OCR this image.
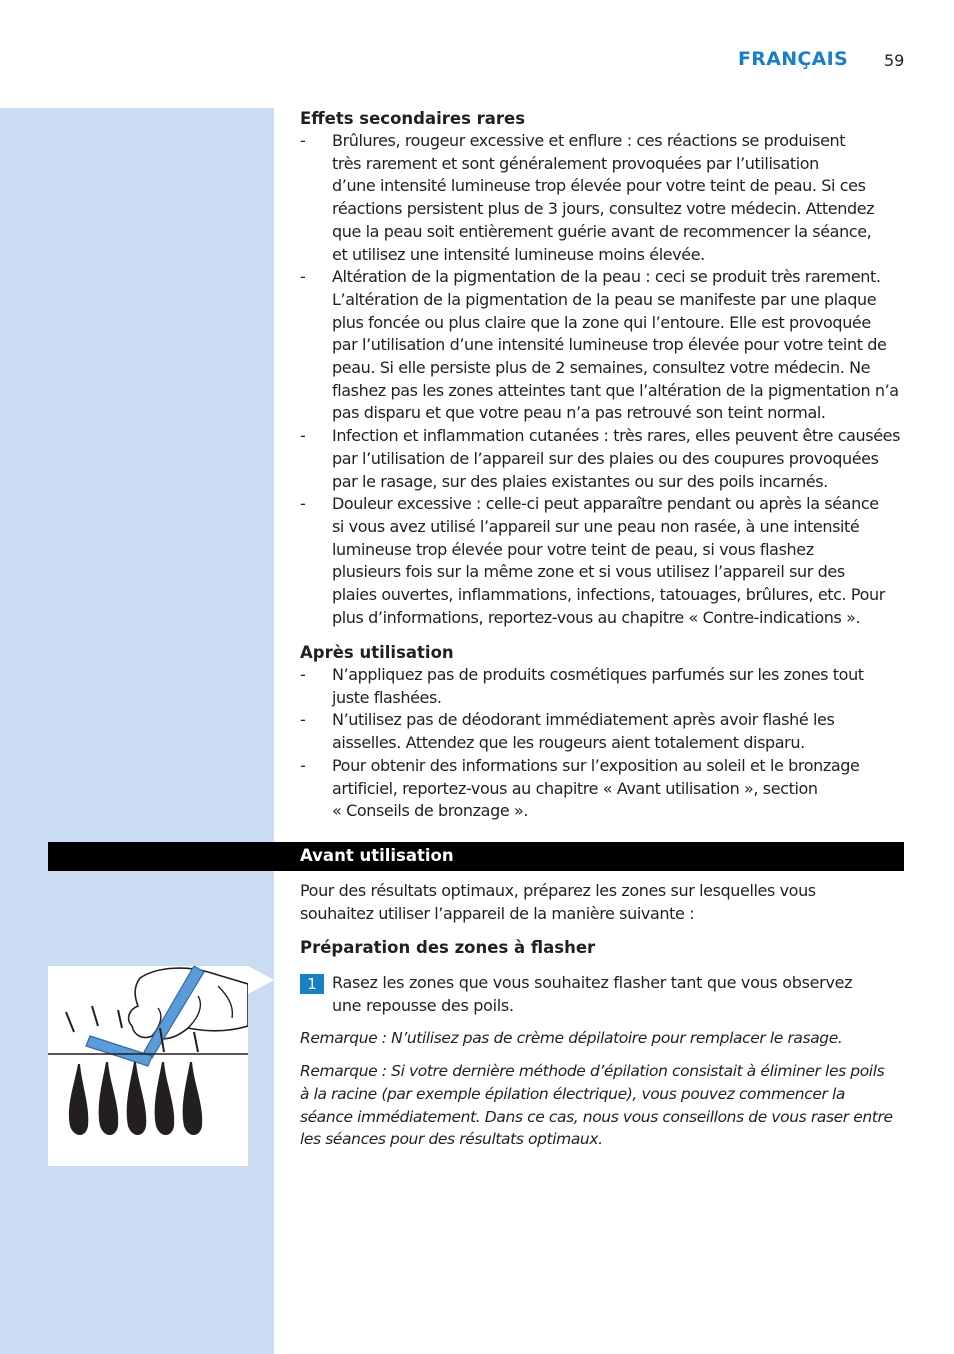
FRANÇAIS 59
Effets secondaires rares
- Brûlures, rougeur excessive et enflure : ces réactions se produisent
très rarement et sont généralement provoquées par l’utilisation
d’une intensité lumineuse trop élevée pour votre teint de peau. Si ces
réactions persistent plus de 3 jours, consultez votre médecin. Attendez
que la peau soit entièrement guérie avant de recommencer la séance,
et utilisez une intensité lumineuse moins élevée.
- Altération de la pigmentation de la peau : ceci se produit très rarement.
L’altération de la pigmentation de la peau se manifeste par une plaque
plus foncée ou plus claire que la zone qui l’entoure. Elle est provoquée
par l’utilisation d’une intensité lumineuse trop élevée pour votre teint de
peau. Si elle persiste plus de 2 semaines, consultez votre médecin. Ne
flashez pas les zones atteintes tant que l’altération de la pigmentation n’a
pas disparu et que votre peau n’a pas retrouvé son teint normal.
- Infection et inflammation cutanées : très rares, elles peuvent être causées
par l’utilisation de l’appareil sur des plaies ou des coupures provoquées
par le rasage, sur des plaies existantes ou sur des poils incarnés.
- Douleur excessive : celle-ci peut apparaître pendant ou après la séance
si vous avez utilisé l’appareil sur une peau non rasée, à une intensité
lumineuse trop élevée pour votre teint de peau, si vous flashez
plusieurs fois sur la même zone et si vous utilisez l’appareil sur des
plaies ouvertes, inflammations, infections, tatouages, brûlures, etc. Pour
plus d’informations, reportez-vous au chapitre « Contre-indications ».
Après utilisation
- N’appliquez pas de produits cosmétiques parfumés sur les zones tout
juste flashées.
- N’utilisez pas de déodorant immédiatement après avoir flashé les
aisselles. Attendez que les rougeurs aient totalement disparu.
- Pour obtenir des informations sur l’exposition au soleil et le bronzage
artificiel, reportez-vous au chapitre « Avant utilisation », section
« Conseils de bronzage ».
Avant utilisation
Pour des résultats optimaux, préparez les zones sur lesquelles vous
souhaitez utiliser l’appareil de la manière suivante :
Préparation des zones à flasher
1 Rasez les zones que vous souhaitez flasher tant que vous observez
une repousse des poils.
Remarque : N’utilisez pas de crème dépilatoire pour remplacer le rasage.
Remarque : Si votre dernière méthode d’épilation consistait à éliminer les poils
à la racine (par exemple épilation électrique), vous pouvez commencer la
séance immédiatement. Dans ce cas, nous vous conseillons de vous raser entre
les séances pour des résultats optimaux.
